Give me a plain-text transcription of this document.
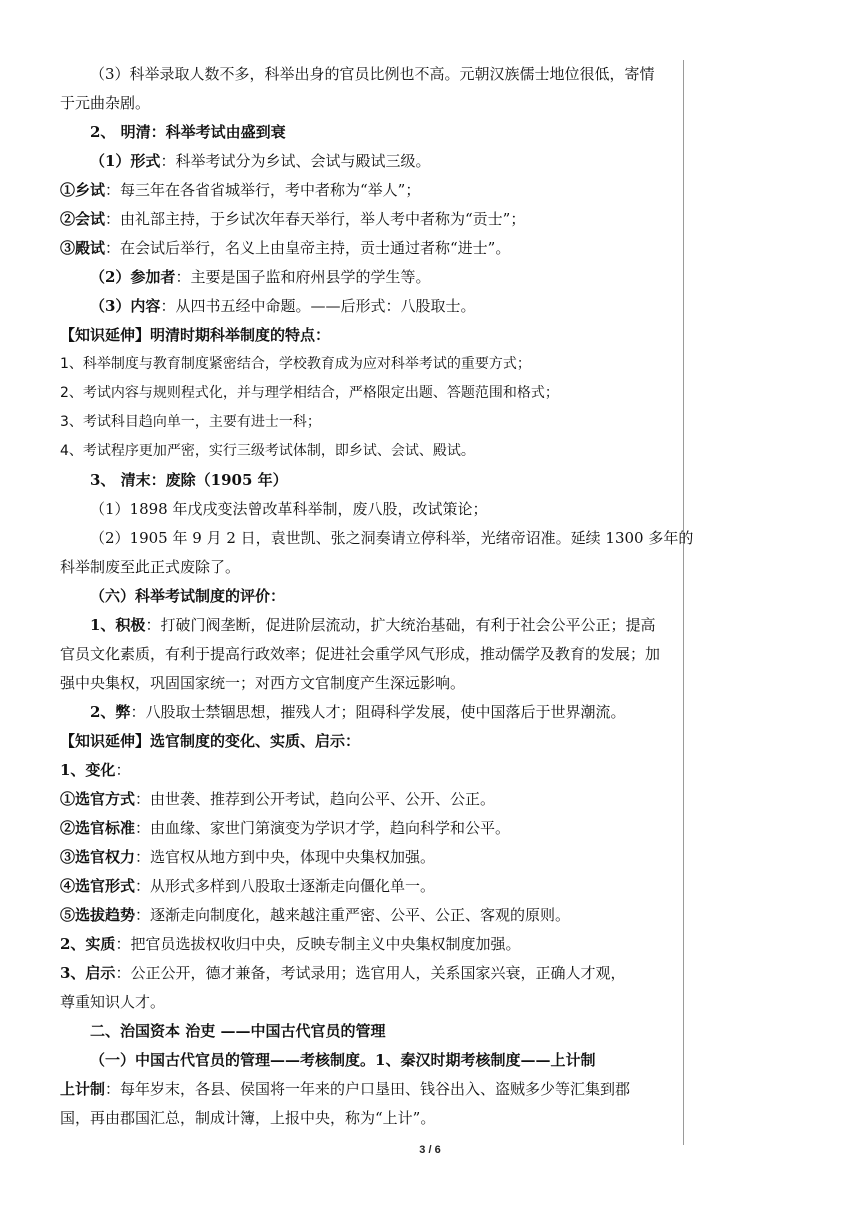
（3）科举录取人数不多，科举出身的官员比例也不高。元朝汉族儒士地位很低，寄情

于元曲杂剧。

2、 明清：科举考试由盛到衰

（1）形式：科举考试分为乡试、会试与殿试三级。

①乡试：每三年在各省省城举行，考中者称为“举人”；

②会试：由礼部主持，于乡试次年春天举行，举人考中者称为“贡士”；

③殿试：在会试后举行，名义上由皇帝主持，贡士通过者称“进士”。

（2）参加者：主要是国子监和府州县学的学生等。

（3）内容：从四书五经中命题。——后形式：八股取士。

【知识延伸】明清时期科举制度的特点：

1、科举制度与教育制度紧密结合，学校教育成为应对科举考试的重要方式；

2、考试内容与规则程式化，并与理学相结合，严格限定出题、答题范围和格式；

3、考试科目趋向单一，主要有进士一科；

4、考试程序更加严密，实行三级考试体制，即乡试、会试、殿试。

3、 清末：废除（1905 年）

（1）1898 年戊戌变法曾改革科举制，废八股，改试策论；

（2）1905 年 9 月 2 日，袁世凯、张之洞奏请立停科举，光绪帝诏准。延续 1300 多年的

科举制废至此正式废除了。

（六）科举考试制度的评价：

1、积极：打破门阀垄断，促进阶层流动，扩大统治基础，有利于社会公平公正；提高

官员文化素质，有利于提高行政效率；促进社会重学风气形成，推动儒学及教育的发展；加

强中央集权，巩固国家统一；对西方文官制度产生深远影响。

2、弊：八股取士禁锢思想，摧残人才；阻碍科学发展，使中国落后于世界潮流。

【知识延伸】选官制度的变化、实质、启示：

1、变化：

①选官方式：由世袭、推荐到公开考试，趋向公平、公开、公正。

②选官标准：由血缘、家世门第演变为学识才学，趋向科学和公平。

③选官权力：选官权从地方到中央，体现中央集权加强。

④选官形式：从形式多样到八股取士逐渐走向僵化单一。

⑤选拔趋势：逐渐走向制度化，越来越注重严密、公平、公正、客观的原则。

2、实质：把官员选拔权收归中央，反映专制主义中央集权制度加强。

3、启示：公正公开，德才兼备，考试录用；选官用人，关系国家兴衰，正确人才观，

尊重知识人才。

二、治国资本 治吏 ——中国古代官员的管理

（一）中国古代官员的管理——考核制度。1、秦汉时期考核制度——上计制

上计制：每年岁末，各县、侯国将一年来的户口垦田、钱谷出入、盗贼多少等汇集到郡

国，再由郡国汇总，制成计簿，上报中央，称为“上计”。

3 / 6
